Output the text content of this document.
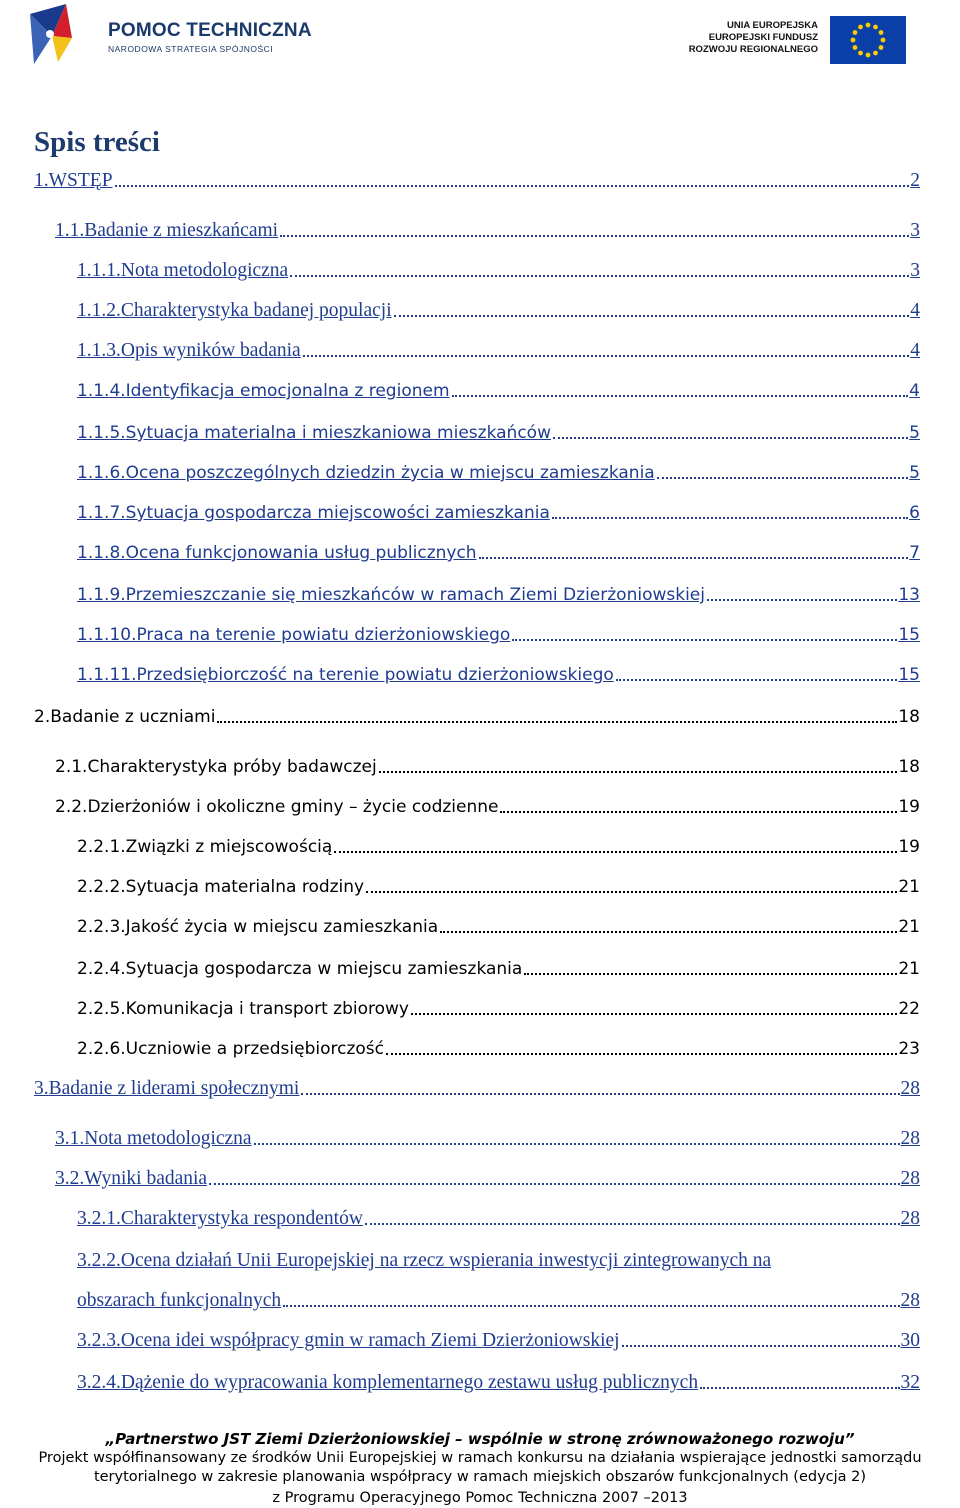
POMOC TECHNICZNA
NARODOWA STRATEGIA SPÓJNOŚCI
UNIA EUROPEJSKA
EUROPEJSKI FUNDUSZ
ROZWOJU REGIONALNEGO
Spis treści
1.WSTĘP	2
1.1.Badanie z mieszkańcami	3
1.1.1.Nota metodologiczna	3
1.1.2.Charakterystyka badanej populacji	4
1.1.3.Opis wyników badania	4
1.1.4.Identyfikacja emocjonalna z regionem	4
1.1.5.Sytuacja materialna i mieszkaniowa mieszkańców	5
1.1.6.Ocena poszczególnych dziedzin życia w miejscu zamieszkania	5
1.1.7.Sytuacja gospodarcza miejscowości zamieszkania	6
1.1.8.Ocena funkcjonowania usług publicznych	7
1.1.9.Przemieszczanie się mieszkańców w ramach Ziemi Dzierżoniowskiej	13
1.1.10.Praca na terenie powiatu dzierżoniowskiego	15
1.1.11.Przedsiębiorczość na terenie powiatu dzierżoniowskiego	15
2.Badanie z uczniami	18
2.1.Charakterystyka próby badawczej	18
2.2.Dzierżoniów i okoliczne gminy – życie codzienne	19
2.2.1.Związki z miejscowością	19
2.2.2.Sytuacja materialna rodziny	21
2.2.3.Jakość życia w miejscu zamieszkania	21
2.2.4.Sytuacja gospodarcza w miejscu zamieszkania	21
2.2.5.Komunikacja i transport zbiorowy	22
2.2.6.Uczniowie a przedsiębiorczość	23
3.Badanie z liderami społecznymi	28
3.1.Nota metodologiczna	28
3.2.Wyniki badania	28
3.2.1.Charakterystyka respondentów	28
3.2.2.Ocena działań Unii Europejskiej na rzecz wspierania inwestycji zintegrowanych na
obszarach funkcjonalnych	28
3.2.3.Ocena idei współpracy gmin w ramach Ziemi Dzierżoniowskiej	30
3.2.4.Dążenie do wypracowania komplementarnego zestawu usług publicznych	32
„Partnerstwo JST Ziemi Dzierżoniowskiej – wspólnie w stronę zrównoważonego rozwoju”
Projekt współfinansowany ze środków Unii Europejskiej w ramach konkursu na działania wspierające jednostki samorządu
terytorialnego w zakresie planowania współpracy w ramach miejskich obszarów funkcjonalnych (edycja 2)
z Programu Operacyjnego Pomoc Techniczna 2007 –2013
